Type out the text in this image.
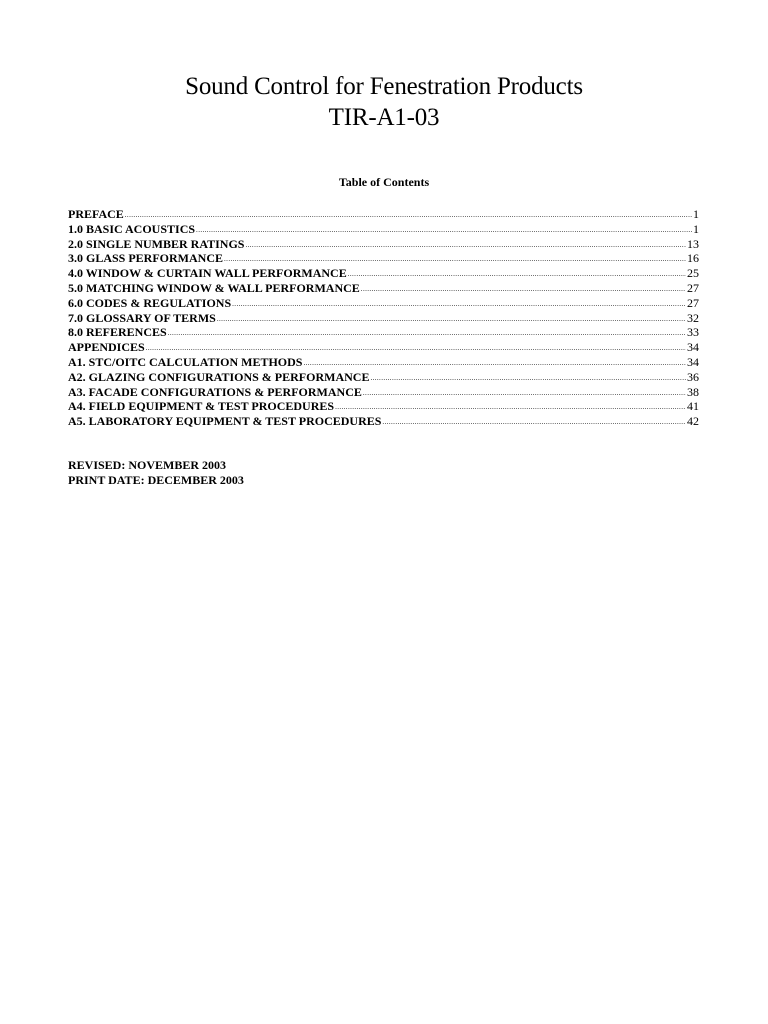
Sound Control for Fenestration Products
TIR-A1-03
Table of Contents
PREFACE .....	1
1.0 BASIC ACOUSTICS .....	1
2.0 SINGLE NUMBER RATINGS .....	13
3.0 GLASS PERFORMANCE .....	16
4.0 WINDOW & CURTAIN WALL PERFORMANCE .....	25
5.0 MATCHING WINDOW & WALL PERFORMANCE .....	27
6.0 CODES & REGULATIONS .....	27
7.0 GLOSSARY OF TERMS .....	32
8.0 REFERENCES .....	33
APPENDICES .....	34
A1. STC/OITC CALCULATION METHODS .....	34
A2. GLAZING CONFIGURATIONS & PERFORMANCE .....	36
A3. FACADE CONFIGURATIONS & PERFORMANCE .....	38
A4. FIELD EQUIPMENT & TEST PROCEDURES .....	41
A5. LABORATORY EQUIPMENT & TEST PROCEDURES .....	42
REVISED: NOVEMBER 2003
PRINT DATE: DECEMBER 2003
